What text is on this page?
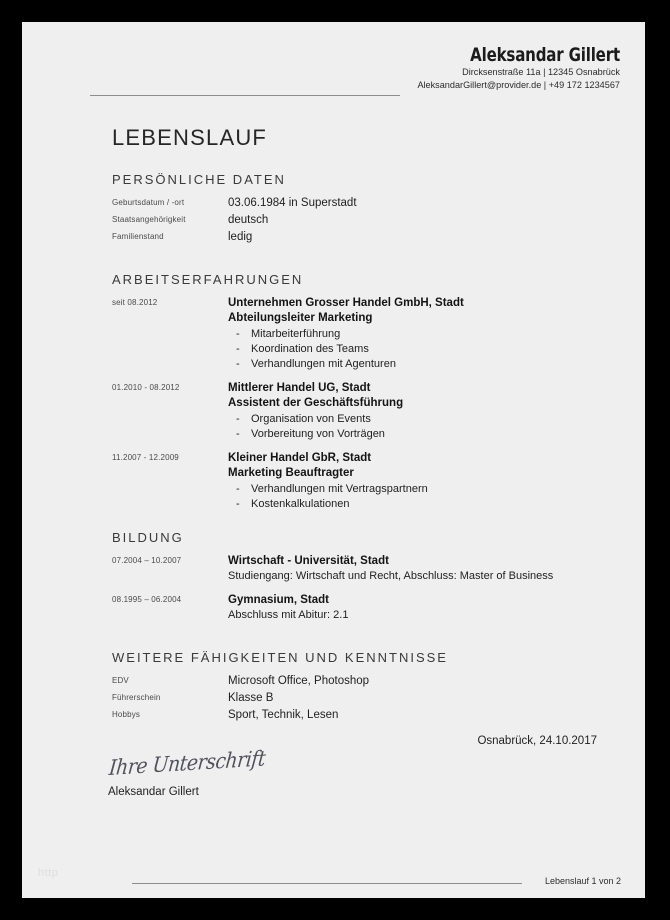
Aleksandar Gillert
Dircksenstraße 11a | 12345 Osnabrück
AleksandarGillert@provider.de | +49 172 1234567
LEBENSLAUF
PERSÖNLICHE DATEN
Geburtsdatum / -ort	03.06.1984 in Superstadt
Staatsangehörigkeit	deutsch
Familienstand	ledig
ARBEITSERFAHRUNGEN
seit 08.2012	Unternehmen Grosser Handel GmbH, Stadt
Abteilungsleiter Marketing
- Mitarbeiterführung
- Koordination des Teams
- Verhandlungen mit Agenturen
01.2010 - 08.2012	Mittlerer Handel UG, Stadt
Assistent der Geschäftsführung
- Organisation von Events
- Vorbereitung von Vorträgen
11.2007 - 12.2009	Kleiner Handel GbR, Stadt
Marketing Beauftragter
- Verhandlungen mit Vertragspartnern
- Kostenkalkulationen
BILDUNG
07.2004 – 10.2007	Wirtschaft - Universität, Stadt
Studiengang: Wirtschaft und Recht, Abschluss: Master of Business
08.1995 – 06.2004	Gymnasium, Stadt
Abschluss mit Abitur: 2.1
WEITERE FÄHIGKEITEN UND KENNTNISSE
EDV	Microsoft Office, Photoshop
Führerschein	Klasse B
Hobbys	Sport, Technik, Lesen
Osnabrück, 24.10.2017
Ihre Unterschrift
Aleksandar Gillert
Lebenslauf 1 von 2
http
